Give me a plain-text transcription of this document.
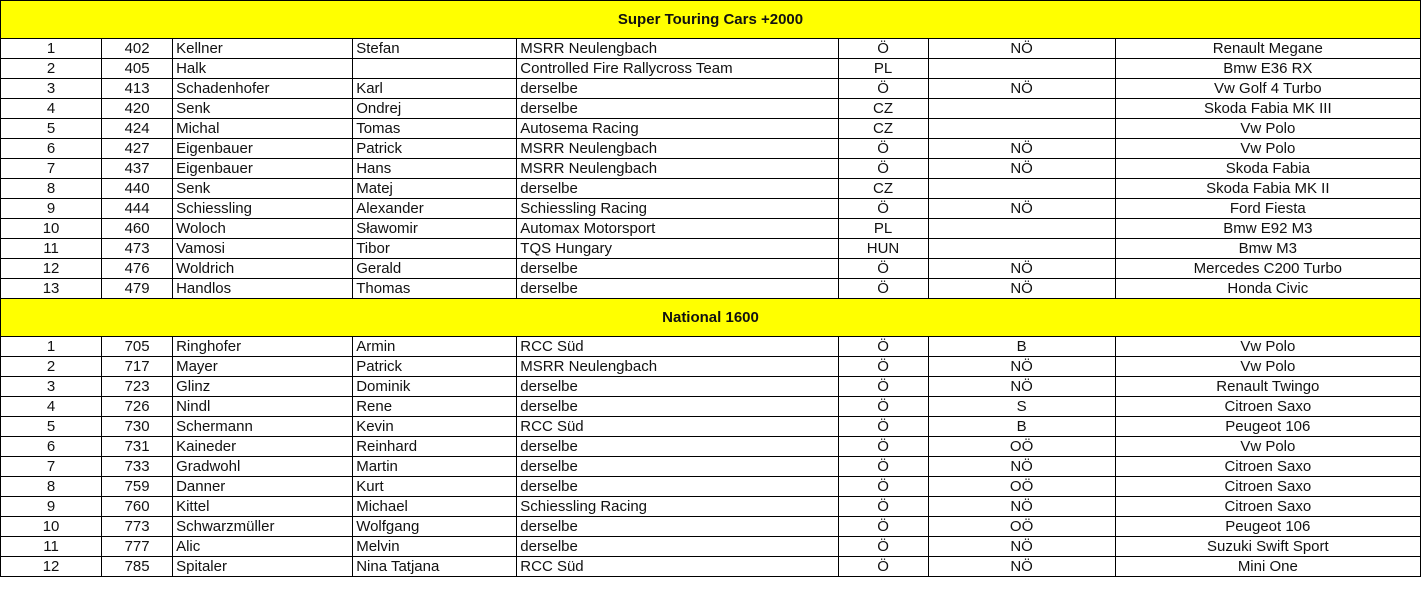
Super Touring Cars +2000							
1	402	Kellner	Stefan	MSRR Neulengbach	Ö	NÖ	Renault Megane
2	405	Halk		Controlled Fire Rallycross Team	PL		Bmw E36 RX
3	413	Schadenhofer	Karl	derselbe	Ö	NÖ	Vw Golf 4 Turbo
4	420	Senk	Ondrej	derselbe	CZ		Skoda Fabia MK III
5	424	Michal	Tomas	Autosema Racing	CZ		Vw Polo
6	427	Eigenbauer	Patrick	MSRR Neulengbach	Ö	NÖ	Vw Polo
7	437	Eigenbauer	Hans	MSRR Neulengbach	Ö	NÖ	Skoda Fabia
8	440	Senk	Matej	derselbe	CZ		Skoda Fabia MK II
9	444	Schiessling	Alexander	Schiessling Racing	Ö	NÖ	Ford Fiesta
10	460	Woloch	Sławomir	Automax Motorsport	PL		Bmw E92 M3
11	473	Vamosi	Tibor	TQS Hungary	HUN		Bmw M3
12	476	Woldrich	Gerald	derselbe	Ö	NÖ	Mercedes C200 Turbo
13	479	Handlos	Thomas	derselbe	Ö	NÖ	Honda Civic
National 1600							
1	705	Ringhofer	Armin	RCC Süd	Ö	B	Vw Polo
2	717	Mayer	Patrick	MSRR Neulengbach	Ö	NÖ	Vw Polo
3	723	Glinz	Dominik	derselbe	Ö	NÖ	Renault Twingo
4	726	Nindl	Rene	derselbe	Ö	S	Citroen Saxo
5	730	Schermann	Kevin	RCC Süd	Ö	B	Peugeot 106
6	731	Kaineder	Reinhard	derselbe	Ö	OÖ	Vw Polo
7	733	Gradwohl	Martin	derselbe	Ö	NÖ	Citroen Saxo
8	759	Danner	Kurt	derselbe	Ö	OÖ	Citroen Saxo
9	760	Kittel	Michael	Schiessling Racing	Ö	NÖ	Citroen Saxo
10	773	Schwarzmüller	Wolfgang	derselbe	Ö	OÖ	Peugeot 106
11	777	Alic	Melvin	derselbe	Ö	NÖ	Suzuki Swift Sport
12	785	Spitaler	Nina Tatjana	RCC Süd	Ö	NÖ	Mini One
